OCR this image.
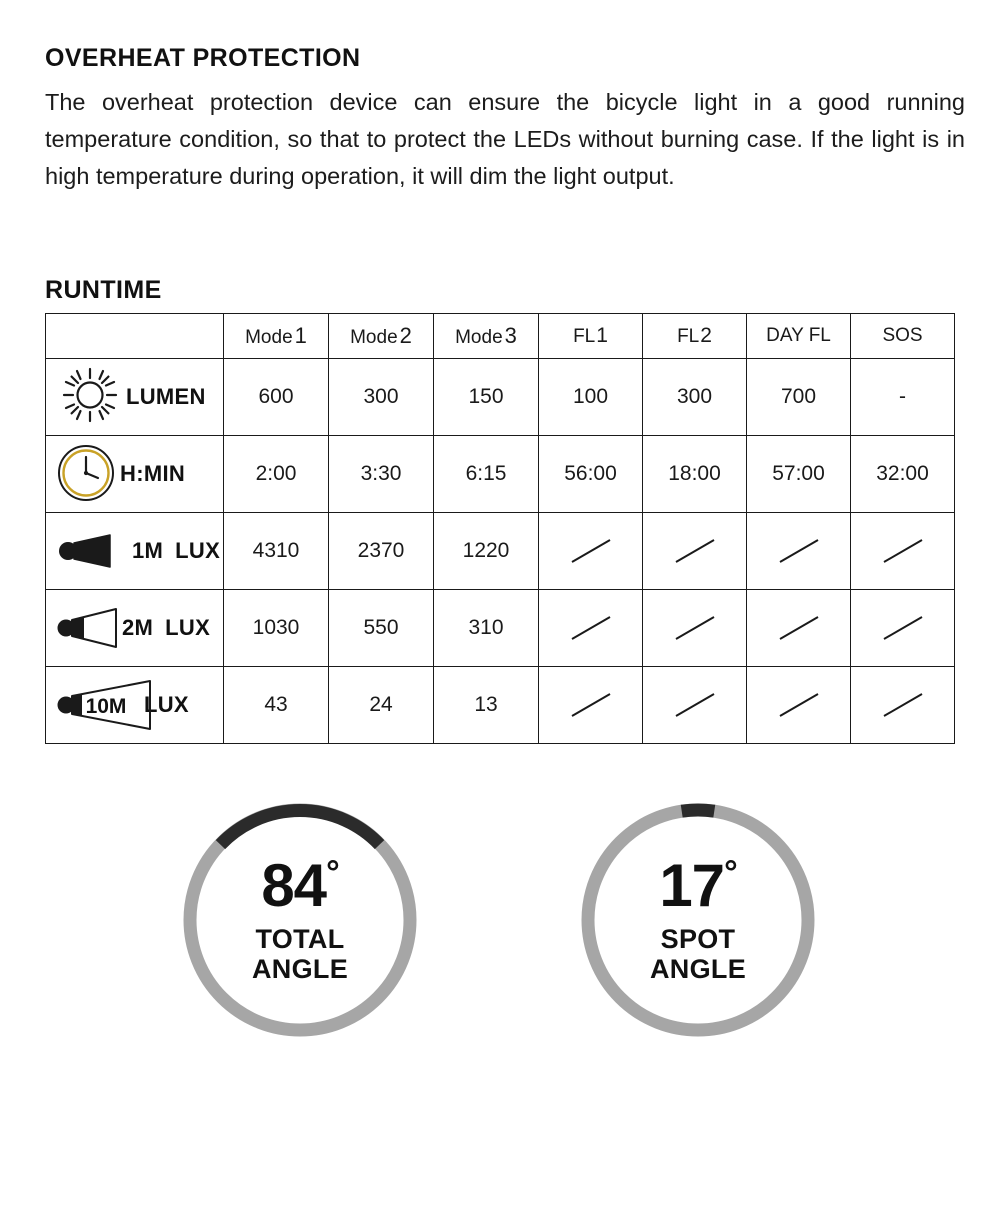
OVERHEAT PROTECTION
The overheat protection device can ensure the bicycle light in a good running temperature condition, so that to protect the LEDs without burning case. If the light is in high temperature during operation, it will dim the light output.
RUNTIME
	Mode1	Mode2	Mode3	FL1	FL2	DAY FL	SOS

LUMEN	600	300	150	100	300	700	-

H:MIN	2:00	3:30	6:15	56:00	18:00	57:00	32:00

1M LUX	4310	2370	1220	

2M LUX	1030	550	310	

10M LUX	43	24	13	

84°
TOTAL
ANGLE
17°
SPOT
ANGLE
